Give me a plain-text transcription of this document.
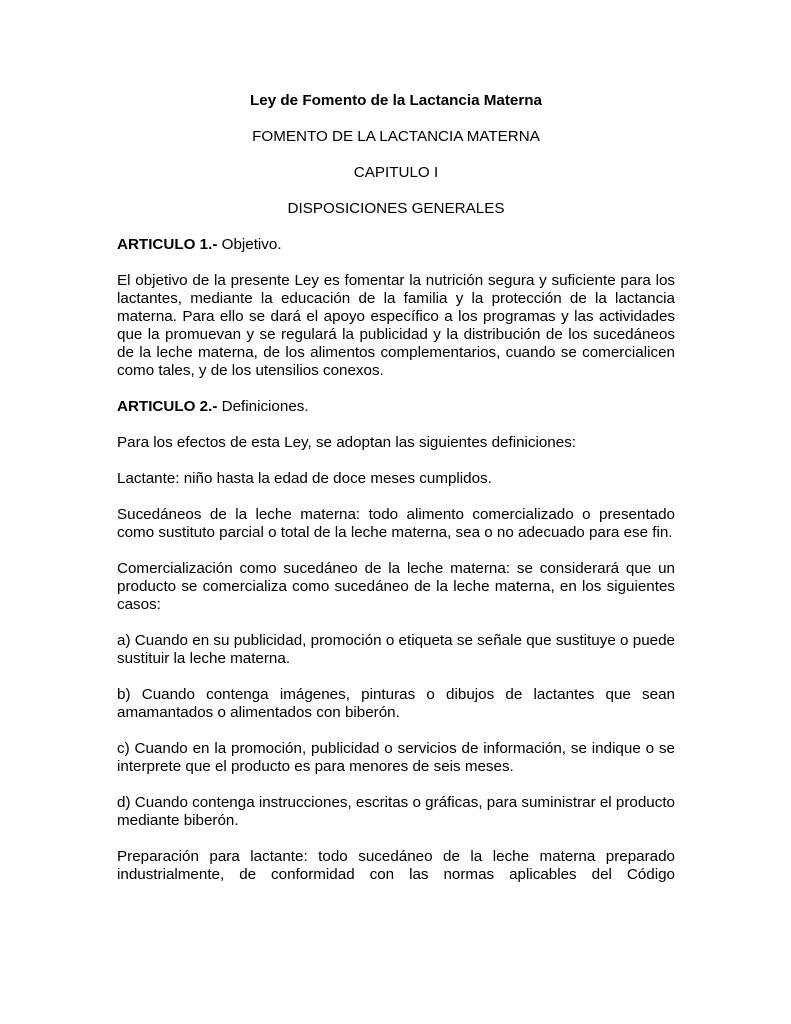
Ley de Fomento de la Lactancia Materna

FOMENTO DE LA LACTANCIA MATERNA

CAPITULO I

DISPOSICIONES GENERALES

ARTICULO 1.- Objetivo.

El objetivo de la presente Ley es fomentar la nutrición segura y suficiente para los lactantes, mediante la educación de la familia y la protección de la lactancia materna. Para ello se dará el apoyo específico a los programas y las actividades que la promuevan y se regulará la publicidad y la distribución de los sucedáneos de la leche materna, de los alimentos complementarios, cuando se comercialicen como tales, y de los utensilios conexos.

ARTICULO 2.- Definiciones.

Para los efectos de esta Ley, se adoptan las siguientes definiciones:

Lactante: niño hasta la edad de doce meses cumplidos.

Sucedáneos de la leche materna: todo alimento comercializado o presentado como sustituto parcial o total de la leche materna, sea o no adecuado para ese fin.

Comercialización como sucedáneo de la leche materna: se considerará que un producto se comercializa como sucedáneo de la leche materna, en los siguientes casos:

a) Cuando en su publicidad, promoción o etiqueta se señale que sustituye o puede sustituir la leche materna.

b) Cuando contenga imágenes, pinturas o dibujos de lactantes que sean amamantados o alimentados con biberón.

c) Cuando en la promoción, publicidad o servicios de información, se indique o se interprete que el producto es para menores de seis meses.

d) Cuando contenga instrucciones, escritas o gráficas, para suministrar el producto mediante biberón.

Preparación para lactante: todo sucedáneo de la leche materna preparado industrialmente, de conformidad con las normas aplicables del Código
